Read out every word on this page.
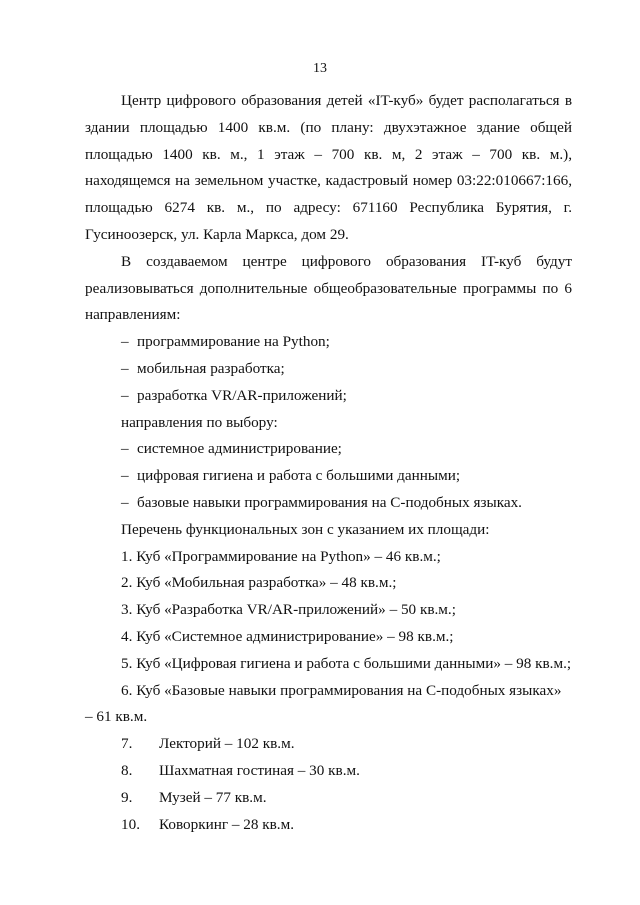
13

Центр цифрового образования детей «IT-куб» будет располагаться в здании площадью 1400 кв.м. (по плану: двухэтажное здание общей площадью 1400 кв. м., 1 этаж – 700 кв. м, 2 этаж – 700 кв. м.), находящемся на земельном участке, кадастровый номер 03:22:010667:166, площадью 6274 кв. м., по адресу: 671160 Республика Бурятия, г. Гусиноозерск, ул. Карла Маркса, дом 29.

В создаваемом центре цифрового образования IT-куб будут реализовываться дополнительные общеобразовательные программы по 6 направлениям:

– программирование на Python;

– мобильная разработка;

– разработка VR/AR-приложений;

направления по выбору:

– системное администрирование;

– цифровая гигиена и работа с большими данными;

– базовые навыки программирования на С-подобных языках.

Перечень функциональных зон с указанием их площади:

1. Куб «Программирование на Python» – 46 кв.м.;

2. Куб «Мобильная разработка» – 48 кв.м.;

3. Куб «Разработка VR/AR-приложений» – 50 кв.м.;

4. Куб «Системное администрирование» – 98 кв.м.;

5. Куб «Цифровая гигиена и работа с большими данными» – 98 кв.м.;

6. Куб «Базовые навыки программирования на С-подобных языках» – 61 кв.м.

7. Лекторий – 102 кв.м.

8. Шахматная гостиная – 30 кв.м.

9. Музей – 77 кв.м.

10. Коворкинг – 28 кв.м.
